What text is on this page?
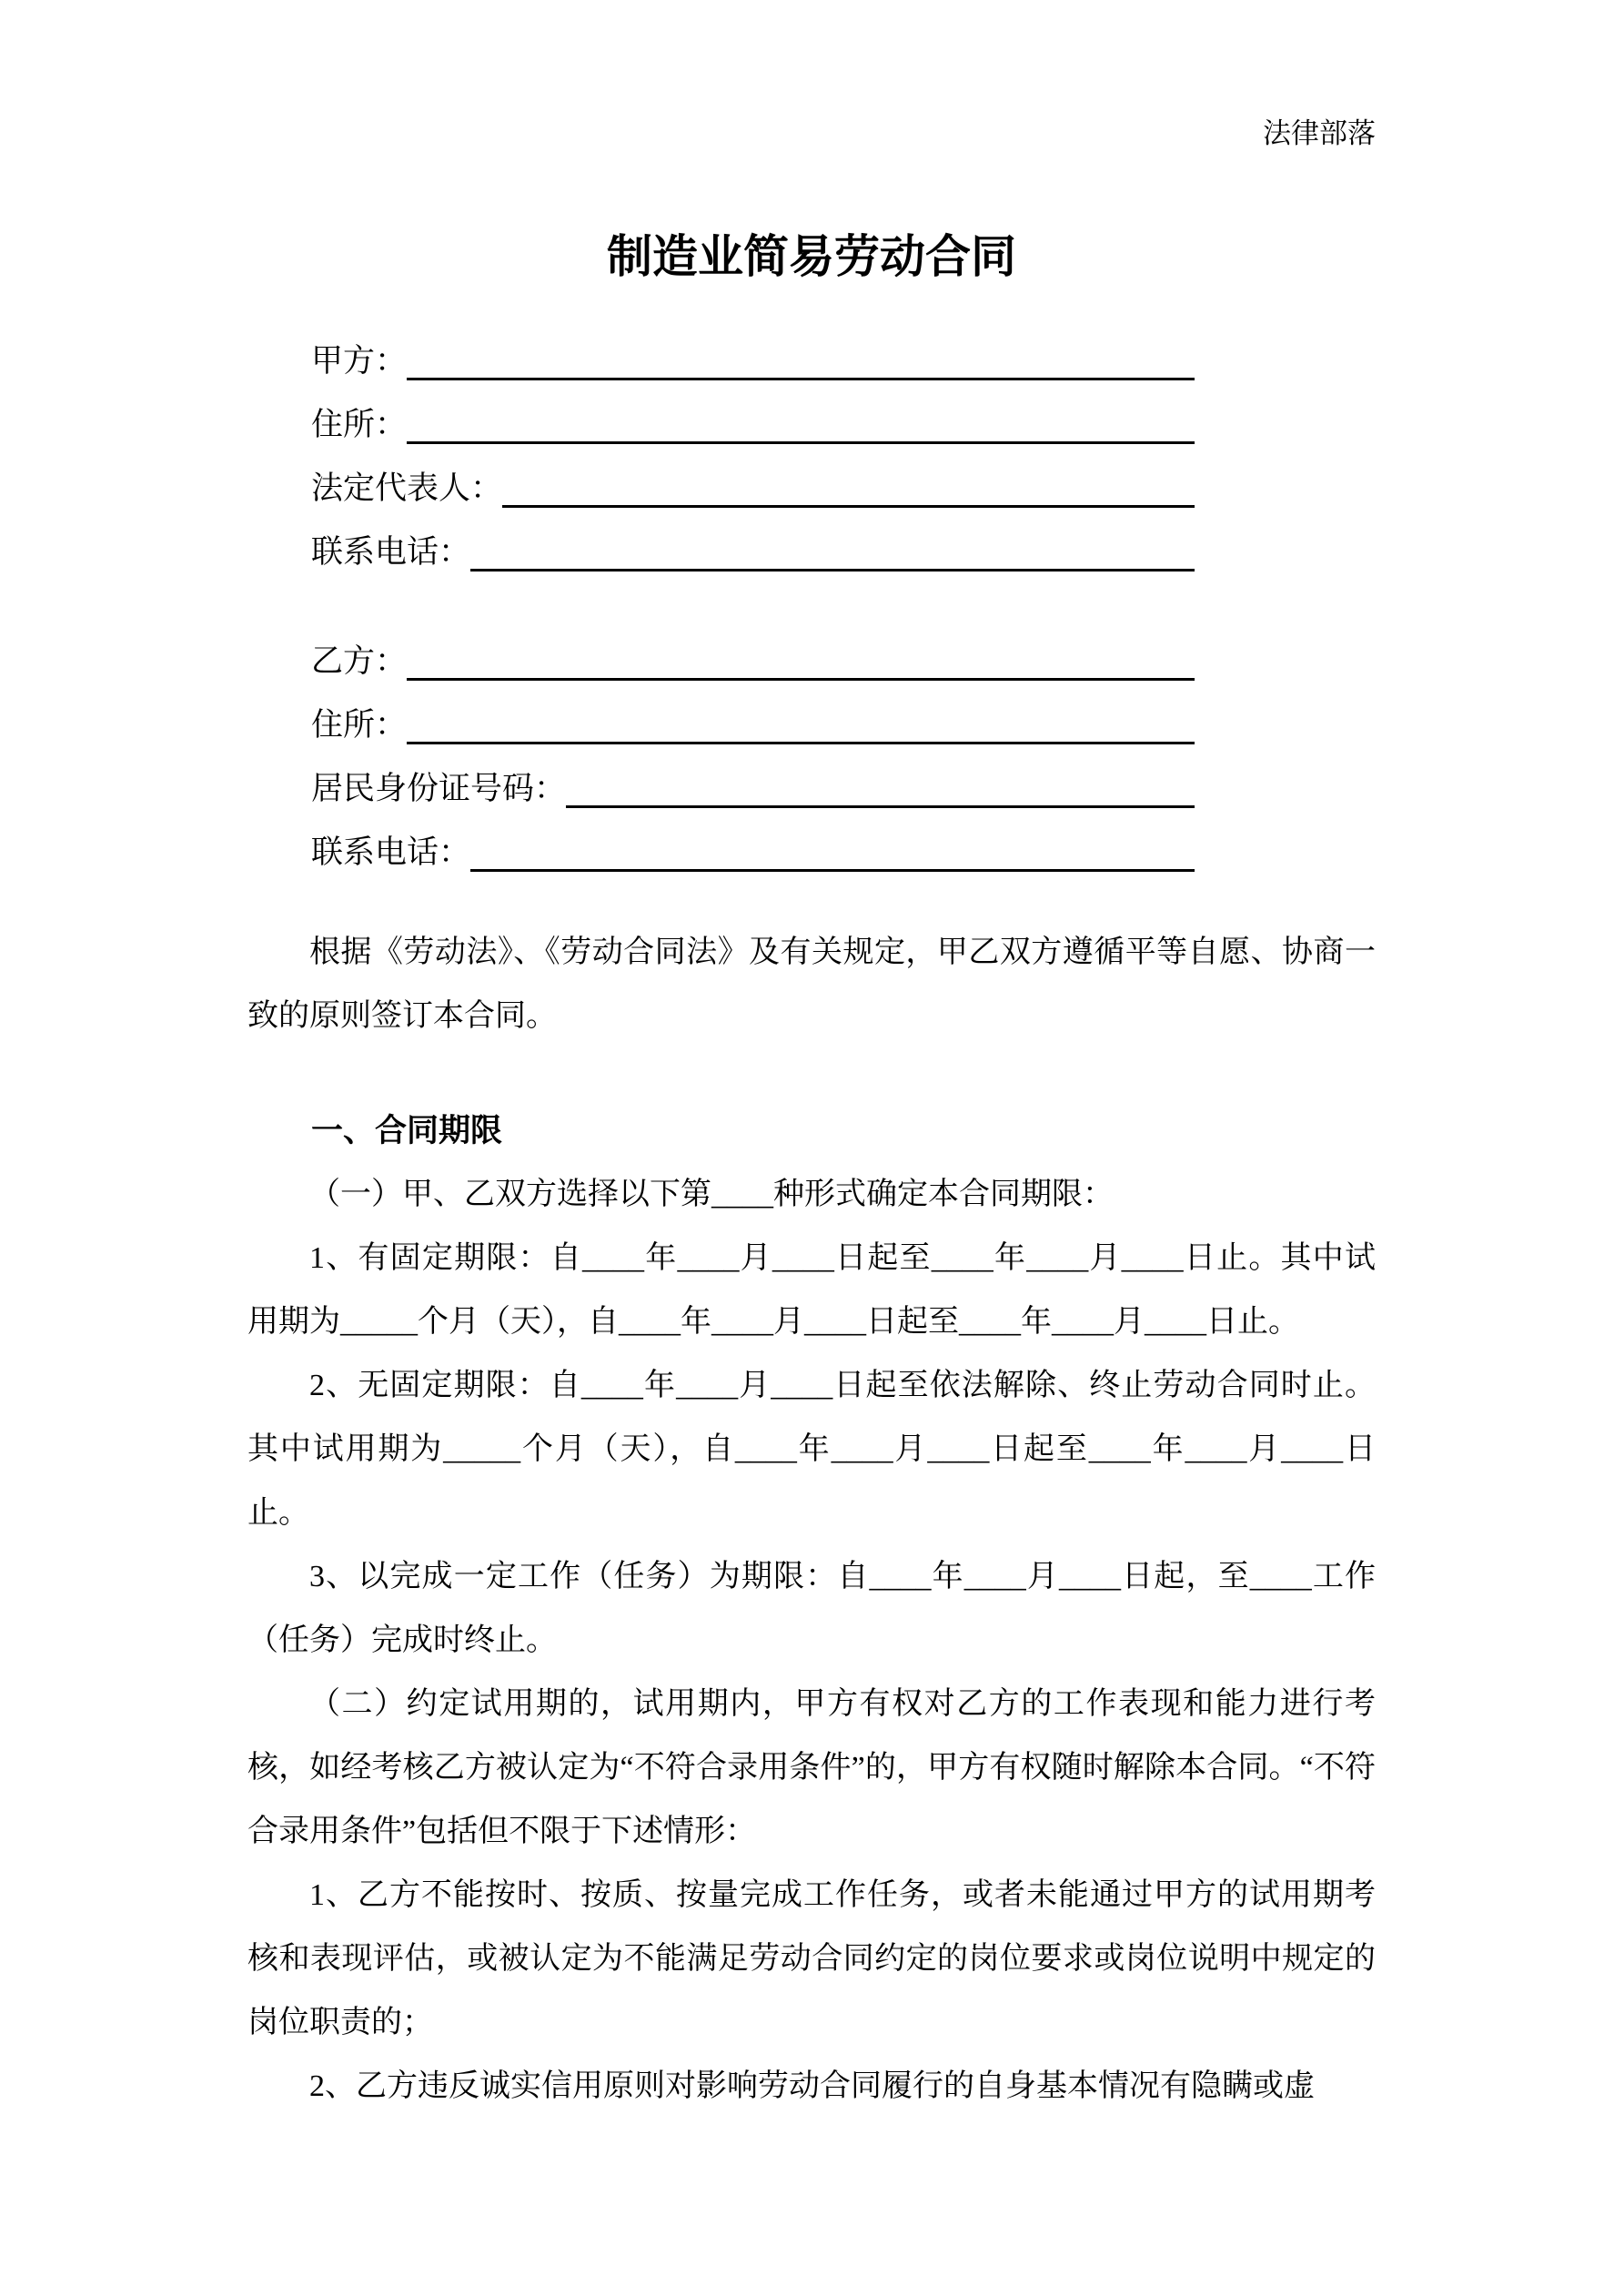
法律部落
制造业简易劳动合同
甲方：
住所：
法定代表人：
联系电话：
乙方：
住所：
居民身份证号码：
联系电话：

根据《劳动法》、《劳动合同法》及有关规定，甲乙双方遵循平等自愿、协商一致的原则签订本合同。

一、合同期限

（一）甲、乙双方选择以下第____种形式确定本合同期限：

1、有固定期限：自____年____月____日起至____年____月____日止。其中试用期为_____个月（天），自____年____月____日起至____年____月____日止。

2、无固定期限：自____年____月____日起至依法解除、终止劳动合同时止。其中试用期为_____个月（天），自____年____月____日起至____年____月____日止。

3、以完成一定工作（任务）为期限：自____年____月____日起，至____工作（任务）完成时终止。

（二）约定试用期的，试用期内，甲方有权对乙方的工作表现和能力进行考核，如经考核乙方被认定为“不符合录用条件”的，甲方有权随时解除本合同。“不符合录用条件”包括但不限于下述情形：

1、乙方不能按时、按质、按量完成工作任务，或者未能通过甲方的试用期考核和表现评估，或被认定为不能满足劳动合同约定的岗位要求或岗位说明中规定的岗位职责的；

2、乙方违反诚实信用原则对影响劳动合同履行的自身基本情况有隐瞒或虚
